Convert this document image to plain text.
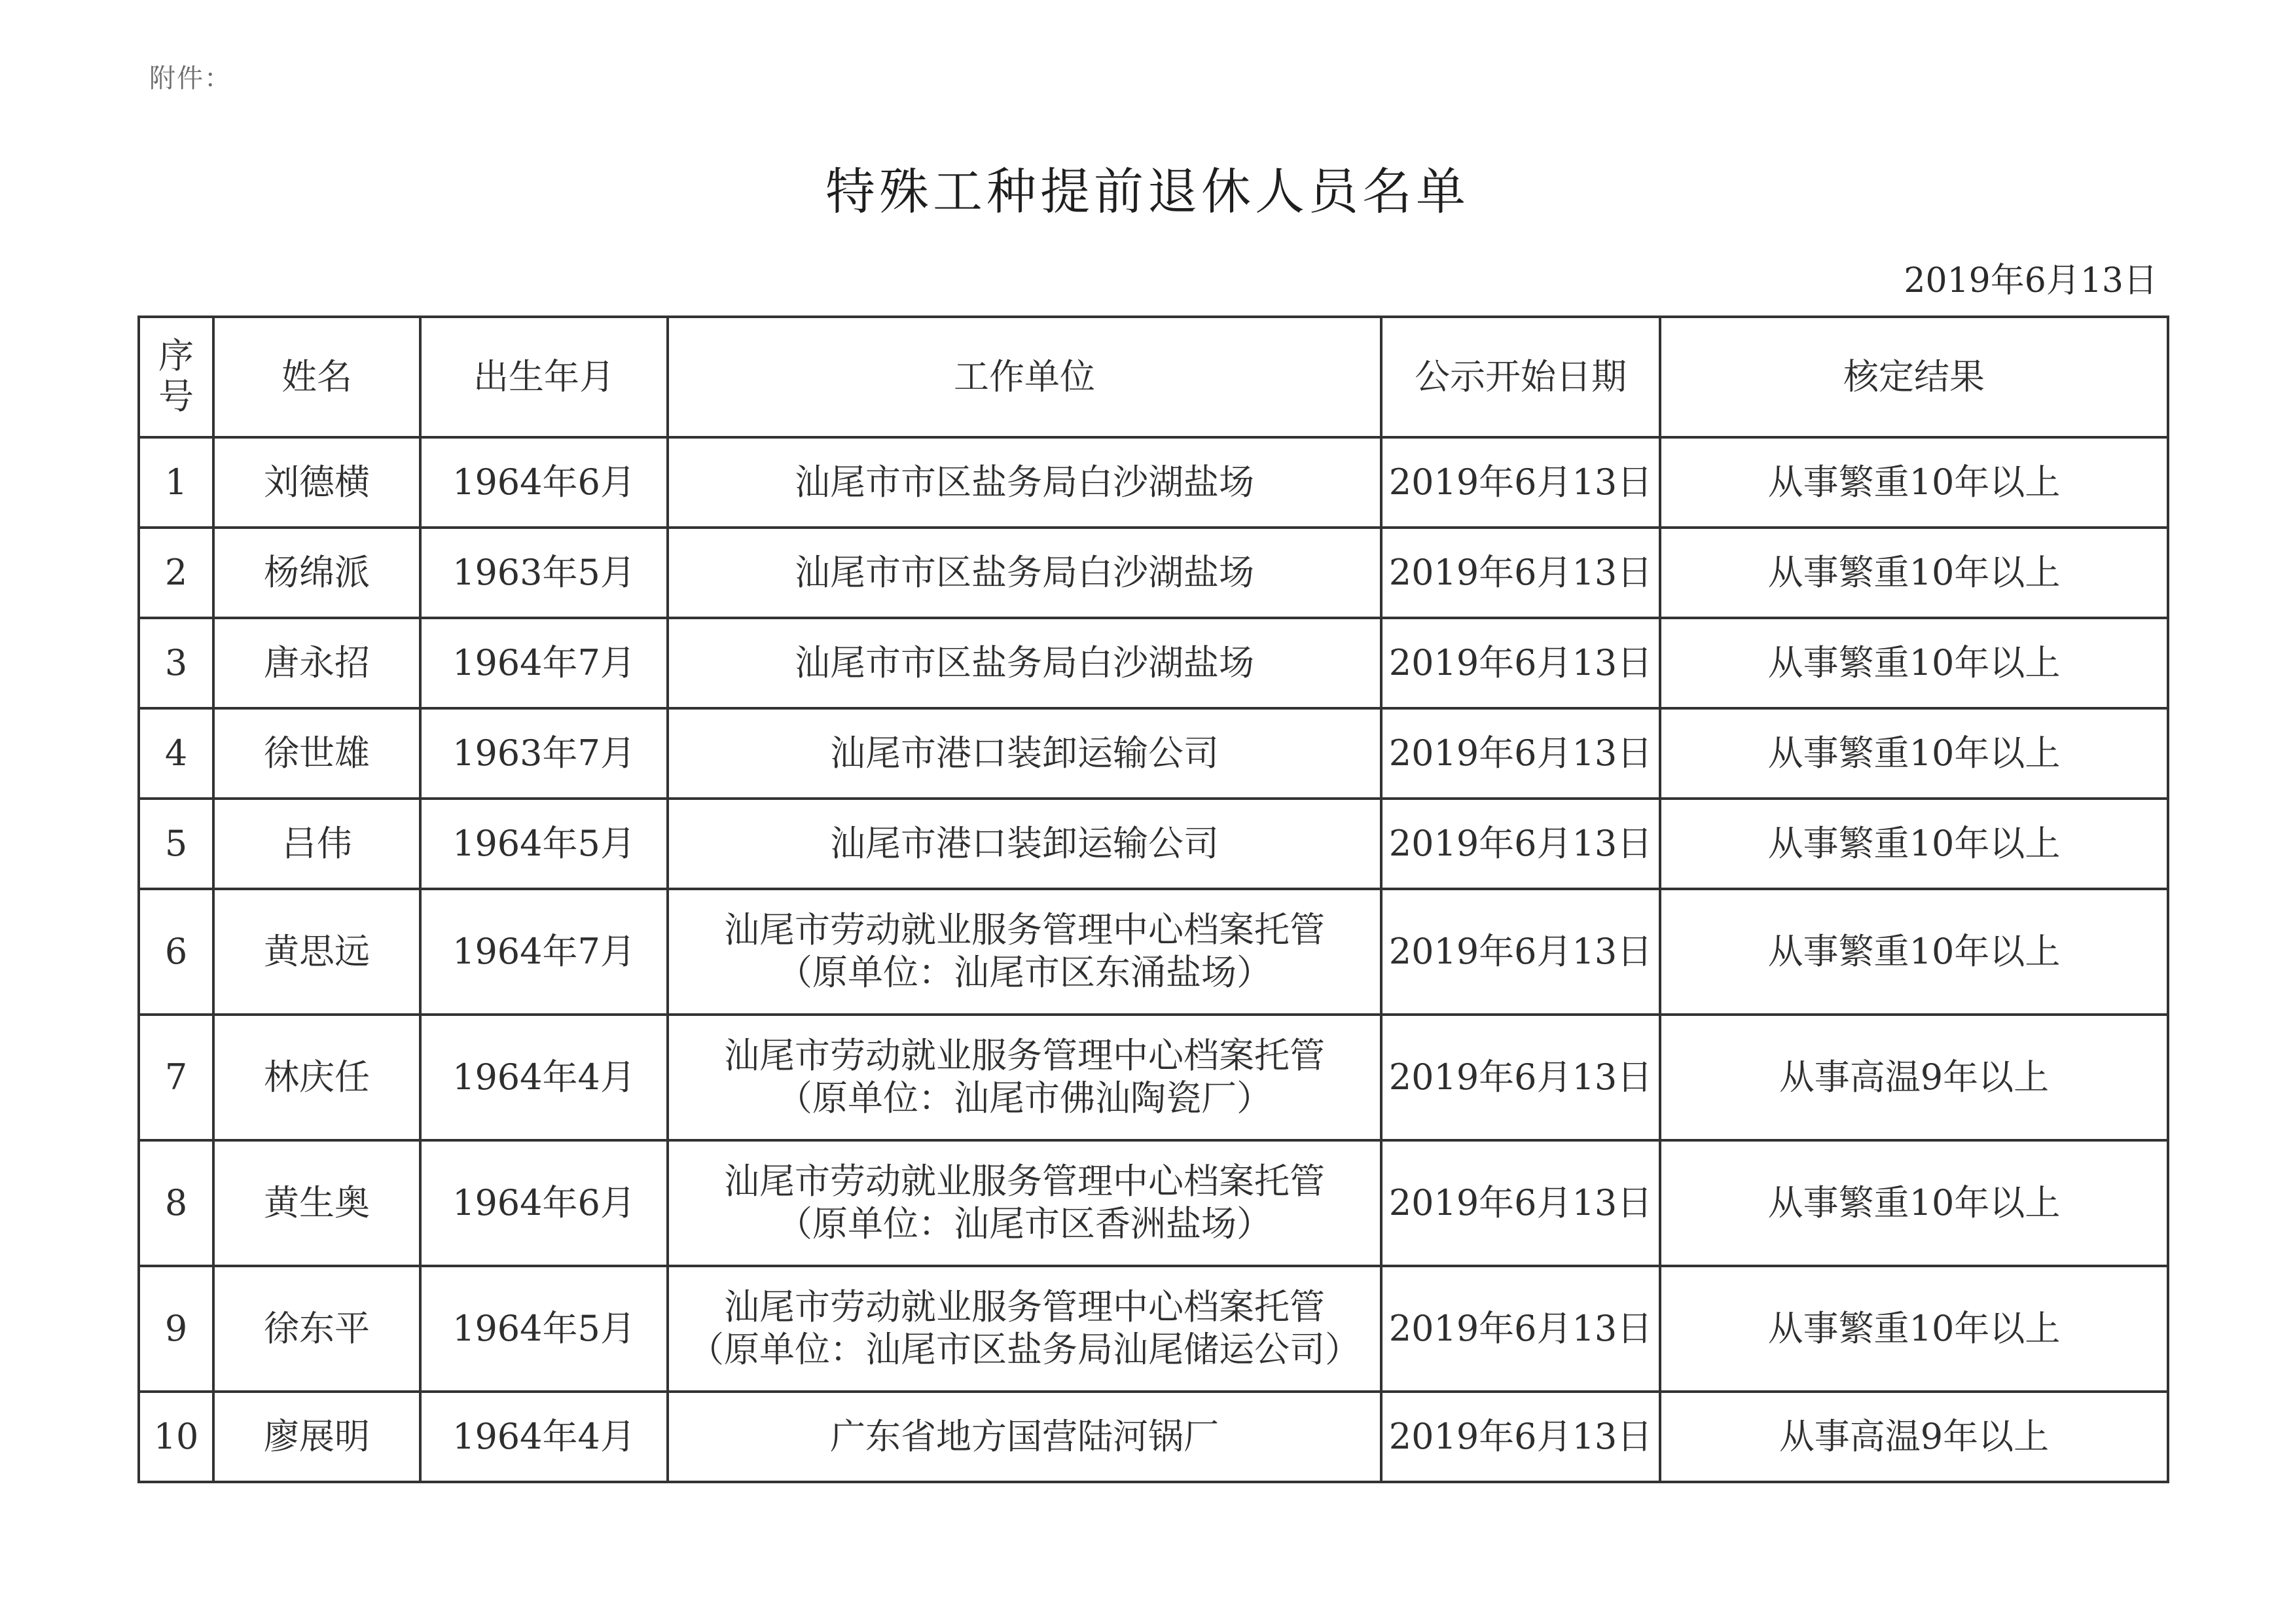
附件：
特殊工种提前退休人员名单
2019年6月13日
序号	姓名	出生年月	工作单位	公示开始日期	核定结果
1	刘德横	1964年6月	汕尾市市区盐务局白沙湖盐场	2019年6月13日	从事繁重10年以上
2	杨绵派	1963年5月	汕尾市市区盐务局白沙湖盐场	2019年6月13日	从事繁重10年以上
3	唐永招	1964年7月	汕尾市市区盐务局白沙湖盐场	2019年6月13日	从事繁重10年以上
4	徐世雄	1963年7月	汕尾市港口装卸运输公司	2019年6月13日	从事繁重10年以上
5	吕伟	1964年5月	汕尾市港口装卸运输公司	2019年6月13日	从事繁重10年以上
6	黄思远	1964年7月	汕尾市劳动就业服务管理中心档案托管
（原单位：汕尾市区东涌盐场）	2019年6月13日	从事繁重10年以上
7	林庆任	1964年4月	汕尾市劳动就业服务管理中心档案托管
（原单位：汕尾市佛汕陶瓷厂）	2019年6月13日	从事高温9年以上
8	黄生奥	1964年6月	汕尾市劳动就业服务管理中心档案托管
（原单位：汕尾市区香洲盐场）	2019年6月13日	从事繁重10年以上
9	徐东平	1964年5月	汕尾市劳动就业服务管理中心档案托管
（原单位：汕尾市区盐务局汕尾储运公司）	2019年6月13日	从事繁重10年以上
10	廖展明	1964年4月	广东省地方国营陆河锅厂	2019年6月13日	从事高温9年以上
